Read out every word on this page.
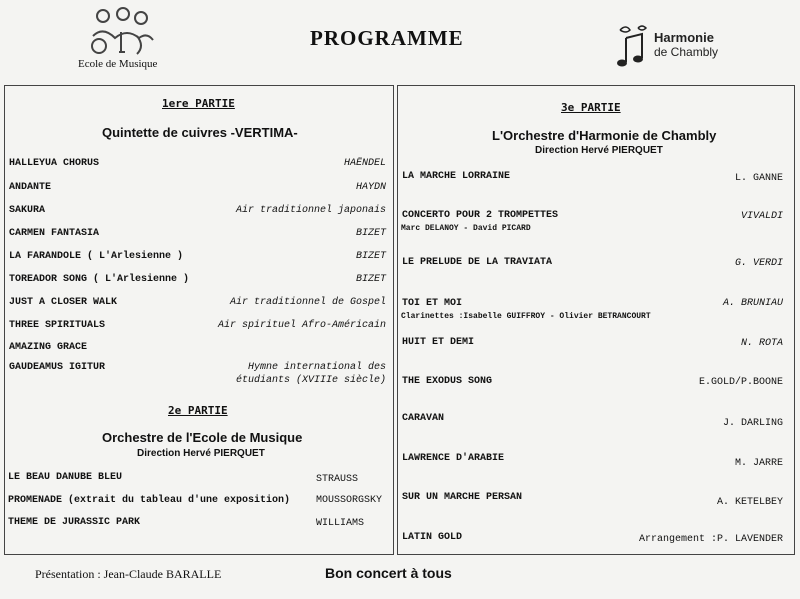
Ecole de Musique
PROGRAMME	Harmonie
de Chambly
1ere PARTIE
Quintette de cuivres -VERTIMA-
HALLEYUA CHORUS	HAËNDEL
ANDANTE	HAYDN
SAKURA	Air traditionnel japonais
CARMEN FANTASIA	BIZET
LA FARANDOLE ( L'Arlesienne )	BIZET
TOREADOR SONG ( L'Arlesienne )	BIZET
JUST A CLOSER WALK	Air traditionnel de Gospel
THREE SPIRITUALS	Air spirituel Afro-Américain
AMAZING GRACE
GAUDEAMUS IGITUR	Hymne international des
étudiants (XVIIIe siècle)
2e PARTIE
Orchestre de l'Ecole de Musique
Direction Hervé PIERQUET
LE BEAU DANUBE BLEU	STRAUSS
PROMENADE (extrait du tableau d'une exposition)	MOUSSORGSKY
THEME DE JURASSIC PARK	WILLIAMS
3e PARTIE
L'Orchestre d'Harmonie de Chambly
Direction Hervé PIERQUET
LA MARCHE LORRAINE	L. GANNE
CONCERTO POUR 2 TROMPETTES	VIVALDI
Marc DELANOY - David PICARD
LE PRELUDE DE LA TRAVIATA	G. VERDI
TOI ET MOI	A. BRUNIAU
Clarinettes :Isabelle GUIFFROY - Olivier BETRANCOURT
HUIT ET DEMI	N. ROTA
THE EXODUS SONG	E.GOLD/P.BOONE
CARAVAN	J. DARLING
LAWRENCE D'ARABIE	M. JARRE
SUR UN MARCHE PERSAN	A. KETELBEY
LATIN GOLD	Arrangement :P. LAVENDER
Présentation : Jean-Claude BARALLE	Bon concert à tous
